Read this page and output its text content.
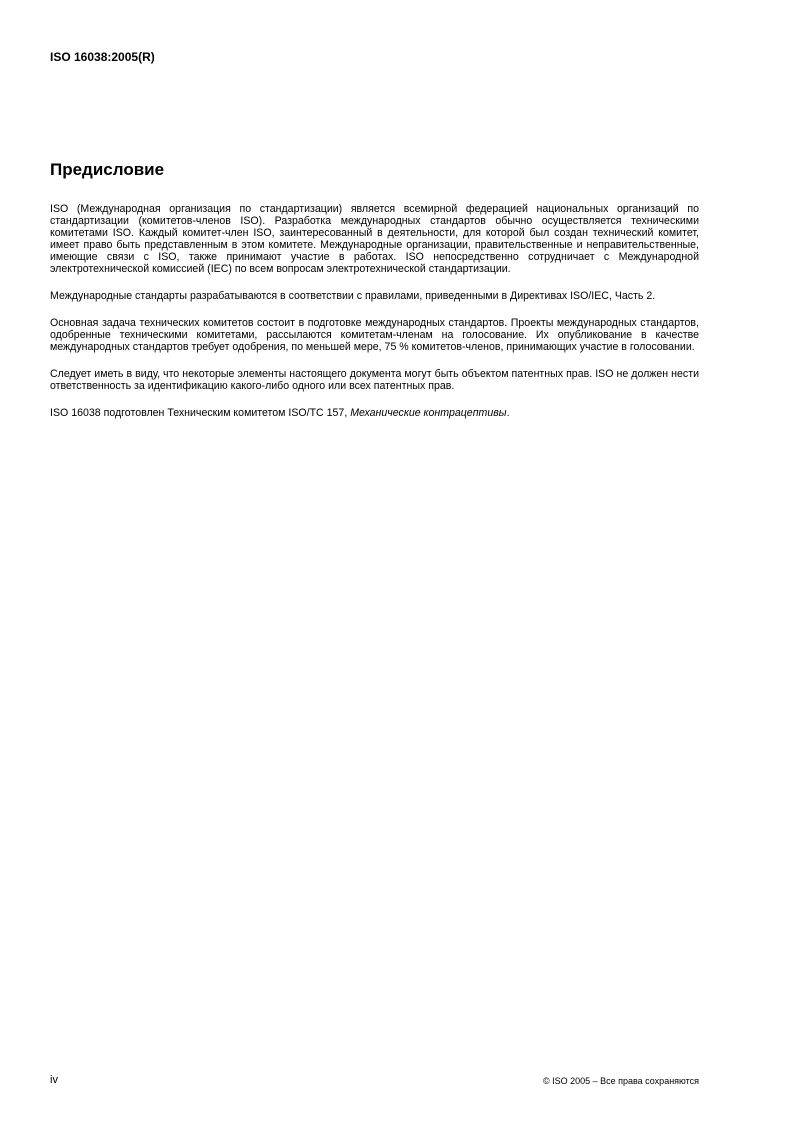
ISO 16038:2005(R)
Предисловие

ISO (Международная организация по стандартизации) является всемирной федерацией национальных организаций по стандартизации (комитетов-членов ISO). Разработка международных стандартов обычно осуществляется техническими комитетами ISO. Каждый комитет-член ISO, заинтересованный в деятельности, для которой был создан технический комитет, имеет право быть представленным в этом комитете. Международные организации, правительственные и неправительственные, имеющие связи с ISO, также принимают участие в работах. ISO непосредственно сотрудничает с Международной электротехнической комиссией (IEC) по всем вопросам электротехнической стандартизации.

Международные стандарты разрабатываются в соответствии с правилами, приведенными в Директивах ISO/IEC, Часть 2.

Основная задача технических комитетов состоит в подготовке международных стандартов. Проекты международных стандартов, одобренные техническими комитетами, рассылаются комитетам-членам на голосование. Их опубликование в качестве международных стандартов требует одобрения, по меньшей мере, 75 % комитетов-членов, принимающих участие в голосовании.

Следует иметь в виду, что некоторые элементы настоящего документа могут быть объектом патентных прав. ISO не должен нести ответственность за идентификацию какого-либо одного или всех патентных прав.

ISO 16038 подготовлен Техническим комитетом ISO/TC 157, Механические контрацептивы.

iv	© ISO 2005 – Все права сохраняются
